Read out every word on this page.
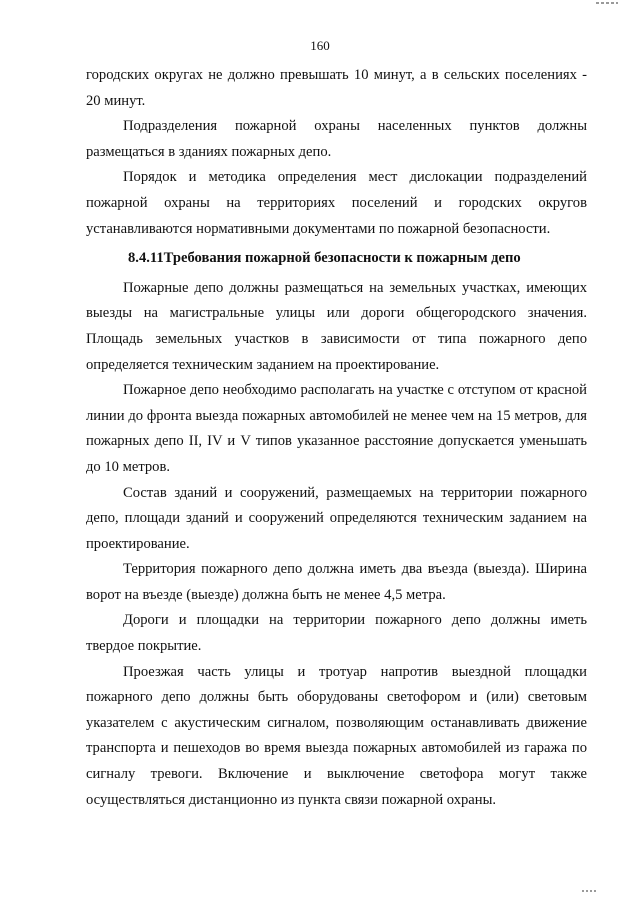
160

городских округах не должно превышать 10 минут, а в сельских поселениях - 20 минут.

Подразделения пожарной охраны населенных пунктов должны размещаться в зданиях пожарных депо.

Порядок и методика определения мест дислокации подразделений пожарной охраны на территориях поселений и городских округов устанавливаются нормативными документами по пожарной безопасности.

8.4.11Требования пожарной безопасности к пожарным депо

Пожарные депо должны размещаться на земельных участках, имеющих выезды на магистральные улицы или дороги общегородского значения. Площадь земельных участков в зависимости от типа пожарного депо определяется техническим заданием на проектирование.

Пожарное депо необходимо располагать на участке с отступом от красной линии до фронта выезда пожарных автомобилей не менее чем на 15 метров, для пожарных депо II, IV и V типов указанное расстояние допускается уменьшать до 10 метров.

Состав зданий и сооружений, размещаемых на территории пожарного депо, площади зданий и сооружений определяются техническим заданием на проектирование.

Территория пожарного депо должна иметь два въезда (выезда). Ширина ворот на въезде (выезде) должна быть не менее 4,5 метра.

Дороги и площадки на территории пожарного депо должны иметь твердое покрытие.

Проезжая часть улицы и тротуар напротив выездной площадки пожарного депо должны быть оборудованы светофором и (или) световым указателем с акустическим сигналом, позволяющим останавливать движение транспорта и пешеходов во время выезда пожарных автомобилей из гаража по сигналу тревоги. Включение и выключение светофора могут также осуществляться дистанционно из пункта связи пожарной охраны.
